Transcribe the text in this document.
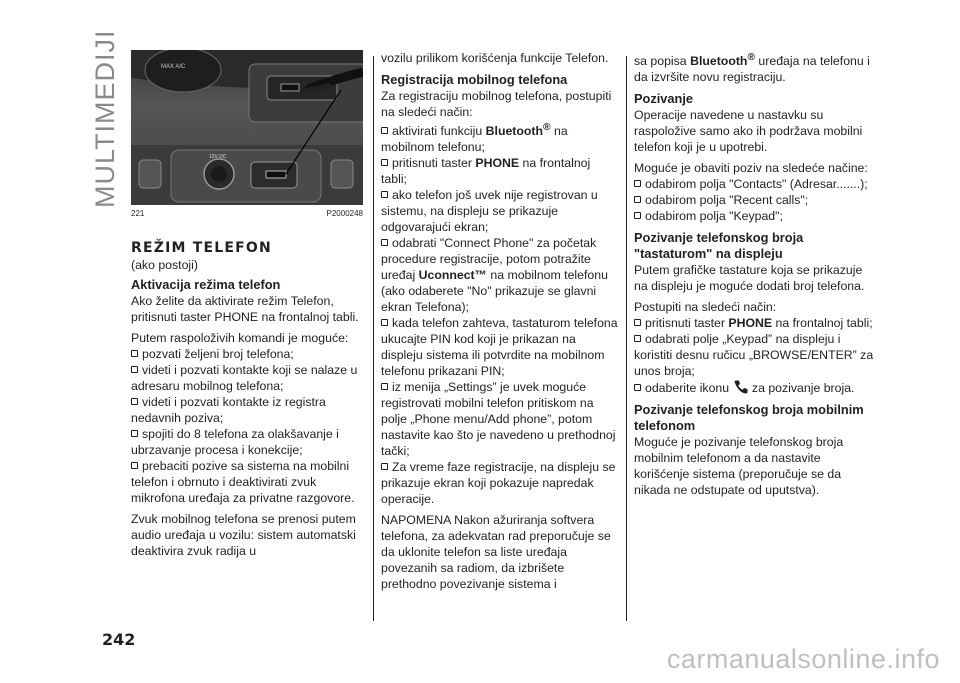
MULTIMEDIJI	MAX A/C
12V DC
221	P2000248
REŽIM TELEFON

(ako postoji)

Aktivacija režima telefon

Ako želite da aktivirate režim Telefon, pritisnuti taster PHONE na frontalnoj tabli.

Putem raspoloživih komandi je moguće:

pozvati željeni broj telefona;

videti i pozvati kontakte koji se nalaze u adresaru mobilnog telefona;

videti i pozvati kontakte iz registra nedavnih poziva;

spojiti do 8 telefona za olakšavanje i ubrzavanje procesa i konekcije;

prebaciti pozive sa sistema na mobilni telefon i obrnuto i deaktivirati zvuk mikrofona uređaja za privatne razgovore.

Zvuk mobilnog telefona se prenosi putem audio uređaja u vozilu: sistem automatski deaktivira zvuk radija u

vozilu prilikom korišćenja funkcije Telefon.

Registracija mobilnog telefona

Za registraciju mobilnog telefona, postupiti na sledeći način:

aktivirati funkciju Bluetooth® na mobilnom telefonu;

pritisnuti taster PHONE na frontalnoj tabli;

ako telefon još uvek nije registrovan u sistemu, na displeju se prikazuje odgovarajući ekran;

odabrati "Connect Phone" za početak procedure registracije, potom potražite uređaj Uconnect™ na mobilnom telefonu (ako odaberete "No" prikazuje se glavni ekran Telefona);

kada telefon zahteva, tastaturom telefona ukucajte PIN kod koji je prikazan na displeju sistema ili potvrdite na mobilnom telefonu prikazani PIN;

iz menija „Settings” je uvek moguće registrovati mobilni telefon pritiskom na polje „Phone menu/Add phone”, potom nastavite kao što je navedeno u prethodnoj tački;

Za vreme faze registracije, na displeju se prikazuje ekran koji pokazuje napredak operacije.

NAPOMENA Nakon ažuriranja softvera telefona, za adekvatan rad preporučuje se da uklonite telefon sa liste uređaja povezanih sa radiom, da izbrišete prethodno povezivanje sistema i

sa popisa Bluetooth® uređaja na telefonu i da izvršite novu registraciju.

Pozivanje

Operacije navedene u nastavku su raspoložive samo ako ih podržava mobilni telefon koji je u upotrebi.

Moguće je obaviti poziv na sledeće načine:

odabirom polja "Contacts" (Adresar.......);

odabirom polja "Recent calls";

odabirom polja "Keypad";

Pozivanje telefonskog broja "tastaturom" na displeju

Putem grafičke tastature koja se prikazuje na displeju je moguće dodati broj telefona.

Postupiti na sledeći način:

pritisnuti taster PHONE na frontalnoj tabli;

odabrati polje „Keypad” na displeju i koristiti desnu ručicu „BROWSE/ENTER” za unos broja;

odaberite ikonu  za pozivanje broja.

Pozivanje telefonskog broja mobilnim telefonom

Moguće je pozivanje telefonskog broja mobilnim telefonom a da nastavite korišćenje sistema (preporučuje se da nikada ne odstupate od uputstva).

242
carmanualsonline.info
